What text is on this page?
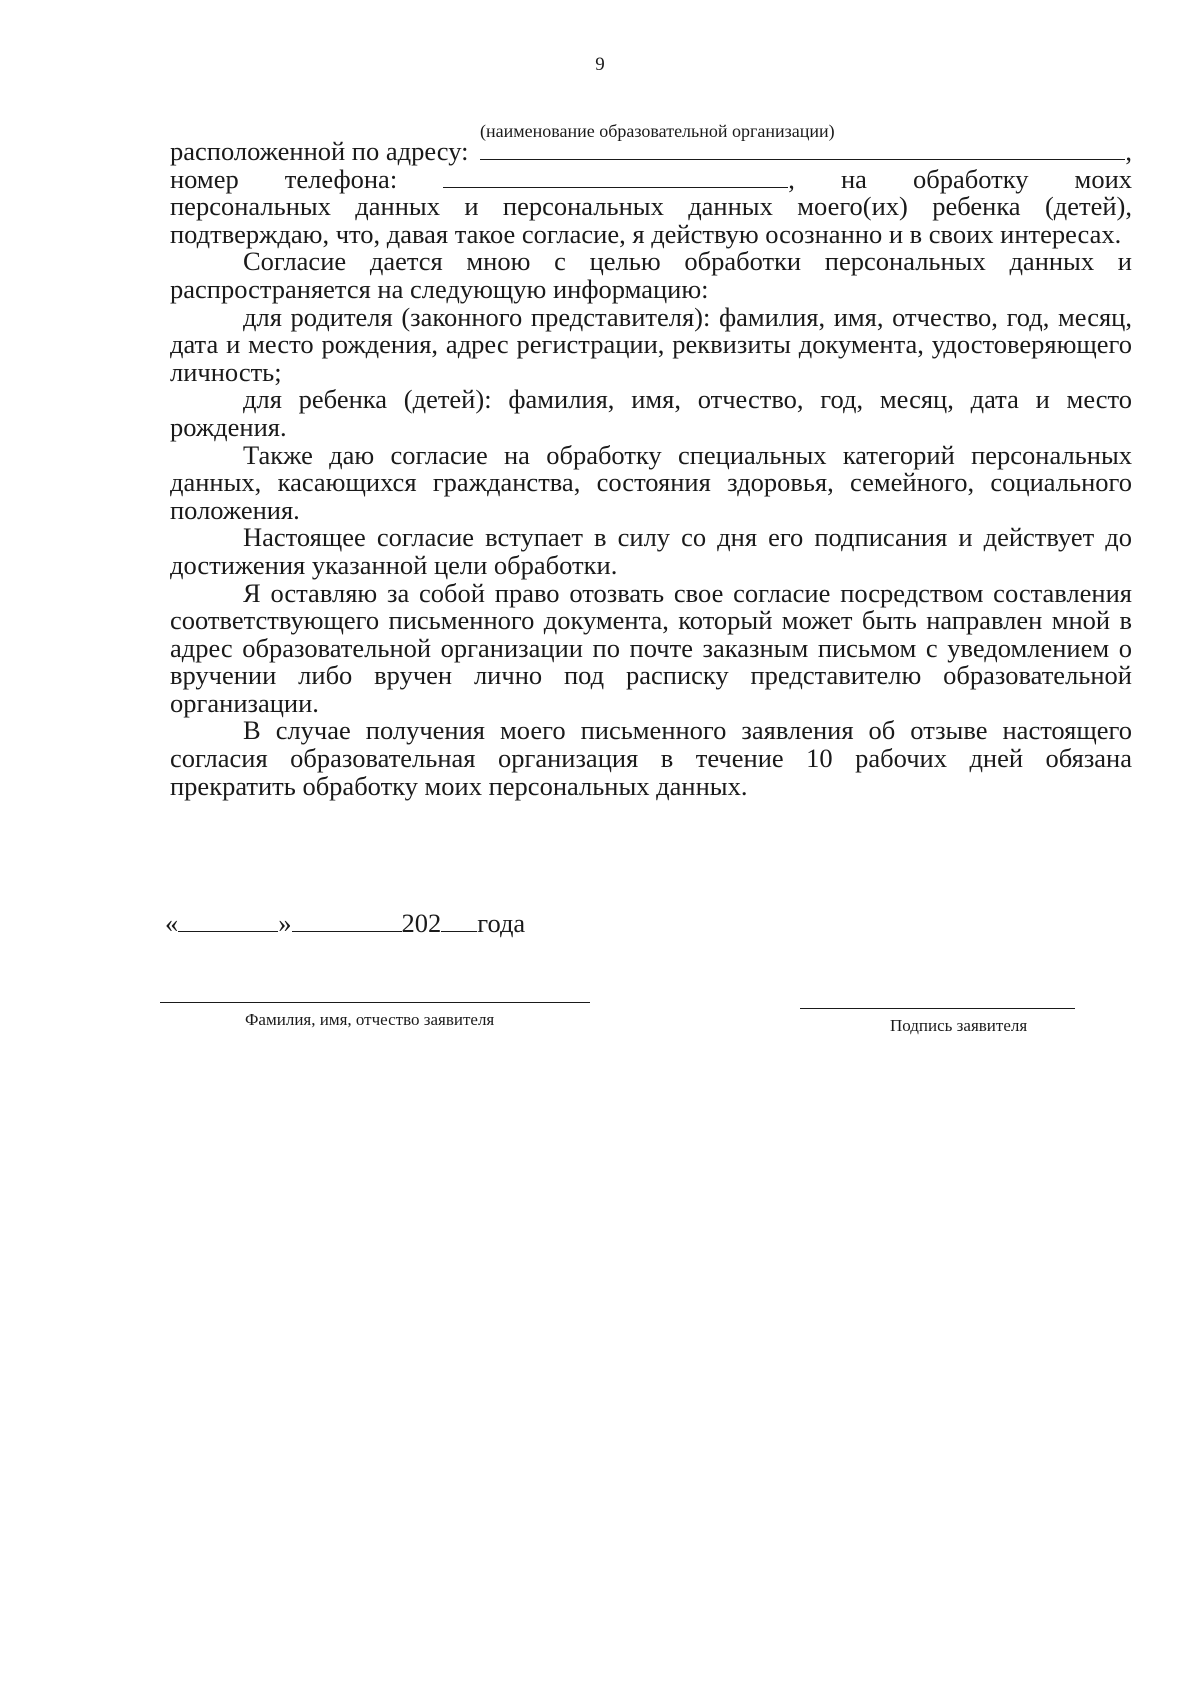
9
(наименование образовательной организации)
расположенной по адресу:	,
номер телефона:	, на обработку моих

персональных данных и персональных данных моего(их) ребенка (детей), подтверждаю, что, давая такое согласие, я действую осознанно и в своих интересах.

Согласие дается мною с целью обработки персональных данных и распространяется на следующую информацию:

для родителя (законного представителя): фамилия, имя, отчество, год, месяц, дата и место рождения, адрес регистрации, реквизиты документа, удостоверяющего личность;

для ребенка (детей): фамилия, имя, отчество, год, месяц, дата и место рождения.

Также даю согласие на обработку специальных категорий персональных данных, касающихся гражданства, состояния здоровья, семейного, социального положения.

Настоящее согласие вступает в силу со дня его подписания и действует до достижения указанной цели обработки.

Я оставляю за собой право отозвать свое согласие посредством составления соответствующего письменного документа, который может быть направлен мной в адрес образовательной организации по почте заказным письмом с уведомлением о вручении либо вручен лично под расписку представителю образовательной организации.

В случае получения моего письменного заявления об отзыве настоящего согласия образовательная организация в течение 10 рабочих дней обязана прекратить обработку моих персональных данных.

«	»	202 года
Фамилия, имя, отчество заявителя	Подпись заявителя
